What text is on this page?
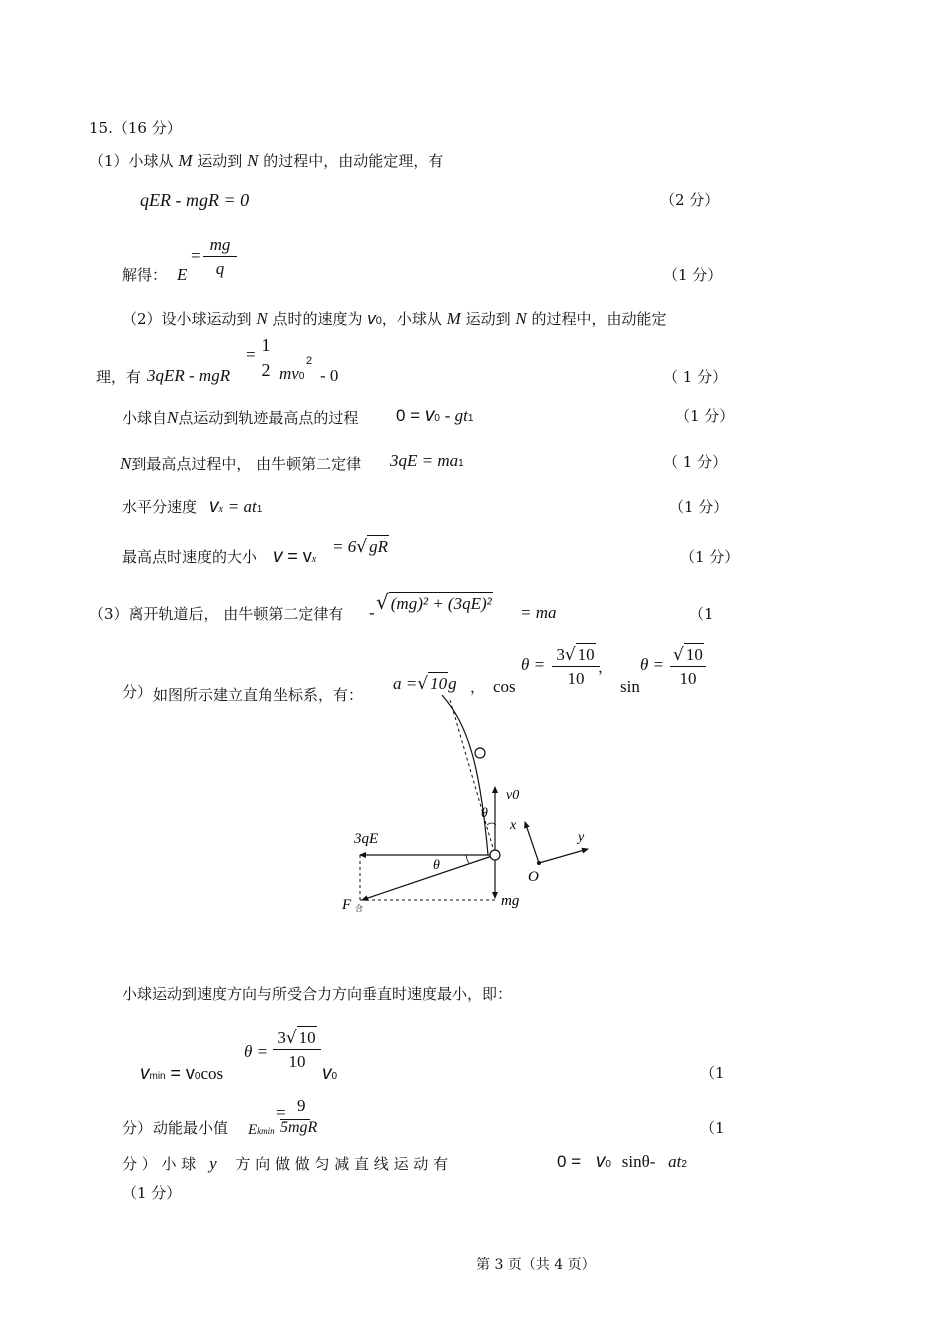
15.（16 分）
（1）小球从 M 运动到 N 的过程中，由动能定理，有
qER - mgR = 0	（2 分）
解得： E
= $\frac{mg}{q}$	（1 分）
（2）设小球运动到 N 点时的速度为 v0，小球从 M 运动到 N 的过程中，由动能定
理，有 3qER - mgR
= 1
2 mv0
2
- 0	（ 1 分）
小球自N点运动到轨迹最高点的过程 0 = v0 - gt1	（1 分）
N到最高点过程中， 由牛顿第二定律 3qE = ma1	（ 1 分）
水平分速度 vx = at1	（1 分）
最高点时速度的大小 v = vx
= 6√ gR
（1 分）
（3）离开轨道后， 由牛顿第二定律有 - √ (mg)² + (3qE)² = ma	（1
分） 如图所示建立直角坐标系，有：
a =√ 10g ， cos
$\theta = \frac{3√ 10}{10}$
，
sin
$\theta = \frac{√ 10}{10}$
v0
θ
3qE
θ
mg
F 合
x
y
O
小球运动到速度方向与所受合力方向垂直时速度最小，即：
vmin = v0cos
$\theta = \frac{3√ 10}{10}$
v0	（1
分） 动能最小值 Ekmin
= 9
5mgR	（1
分 ） 小 球 y 方 向 做 做 匀 减 直 线 运 动 有	0 = v0 sinθ- at2
（1 分）
第 3 页（共 4 页）
